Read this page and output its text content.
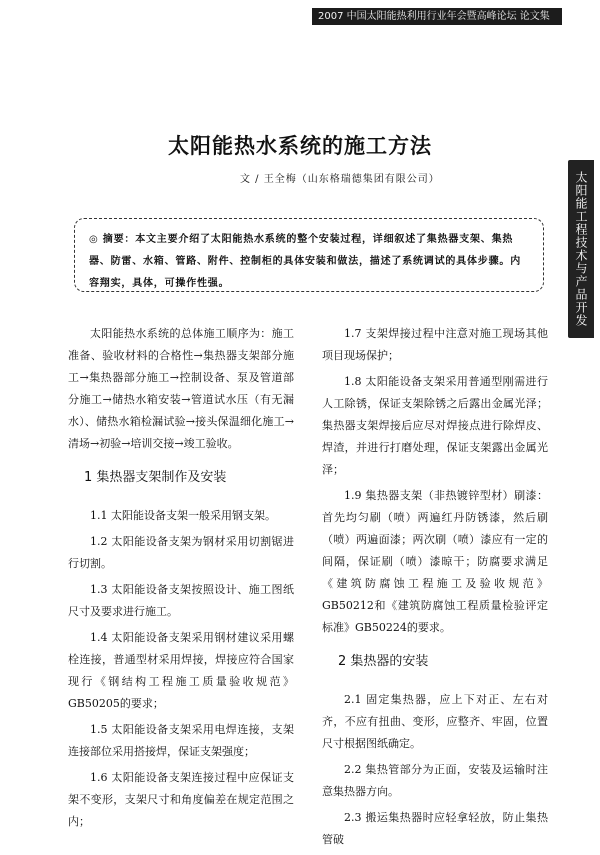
2007 中国太阳能热利用行业年会暨高峰论坛 论文集
太阳能工程技术与产品开发
太阳能热水系统的施工方法
文 / 王全梅（山东格瑞德集团有限公司）

◎ 摘要：本文主要介绍了太阳能热水系统的整个安装过程，详细叙述了集热器支架、集热器、防雷、水箱、管路、附件、控制柜的具体安装和做法，描述了系统调试的具体步骤。内容翔实，具体，可操作性强。

太阳能热水系统的总体施工顺序为：施工准备、验收材料的合格性→集热器支架部分施工→集热器部分施工→控制设备、泵及管道部分施工→储热水箱安装→管道试水压（有无漏水）、储热水箱检漏试验→接头保温细化施工→清场→初验→培训交接→竣工验收。

1 集热器支架制作及安装

1.1 太阳能设备支架一般采用钢支架。

1.2 太阳能设备支架为钢材采用切割锯进行切割。

1.3 太阳能设备支架按照设计、施工图纸尺寸及要求进行施工。

1.4 太阳能设备支架采用钢材建议采用螺栓连接，普通型材采用焊接，焊接应符合国家现行《钢结构工程施工质量验收规范》GB50205的要求；

1.5 太阳能设备支架采用电焊连接，支架连接部位采用搭接焊，保证支架强度；

1.6 太阳能设备支架连接过程中应保证支架不变形，支架尺寸和角度偏差在规定范围之内；

1.7 支架焊接过程中注意对施工现场其他项目现场保护；

1.8 太阳能设备支架采用普通型刚需进行人工除锈，保证支架除锈之后露出金属光泽；集热器支架焊接后应尽对焊接点进行除焊皮、焊渣，并进行打磨处理，保证支架露出金属光泽；

1.9 集热器支架（非热镀锌型材）刷漆：首先均匀刷（喷）两遍红丹防锈漆，然后刷（喷）两遍面漆；两次刷（喷）漆应有一定的间隔，保证刷（喷）漆晾干；防腐要求满足《建筑防腐蚀工程施工及验收规范》GB50212和《建筑防腐蚀工程质量检验评定标准》GB50224的要求。

2 集热器的安装

2.1 固定集热器，应上下对正、左右对齐，不应有扭曲、变形，应整齐、牢固，位置尺寸根据图纸确定。

2.2 集热管部分为正面，安装及运输时注意集热器方向。

2.3 搬运集热器时应轻拿轻放，防止集热管破
